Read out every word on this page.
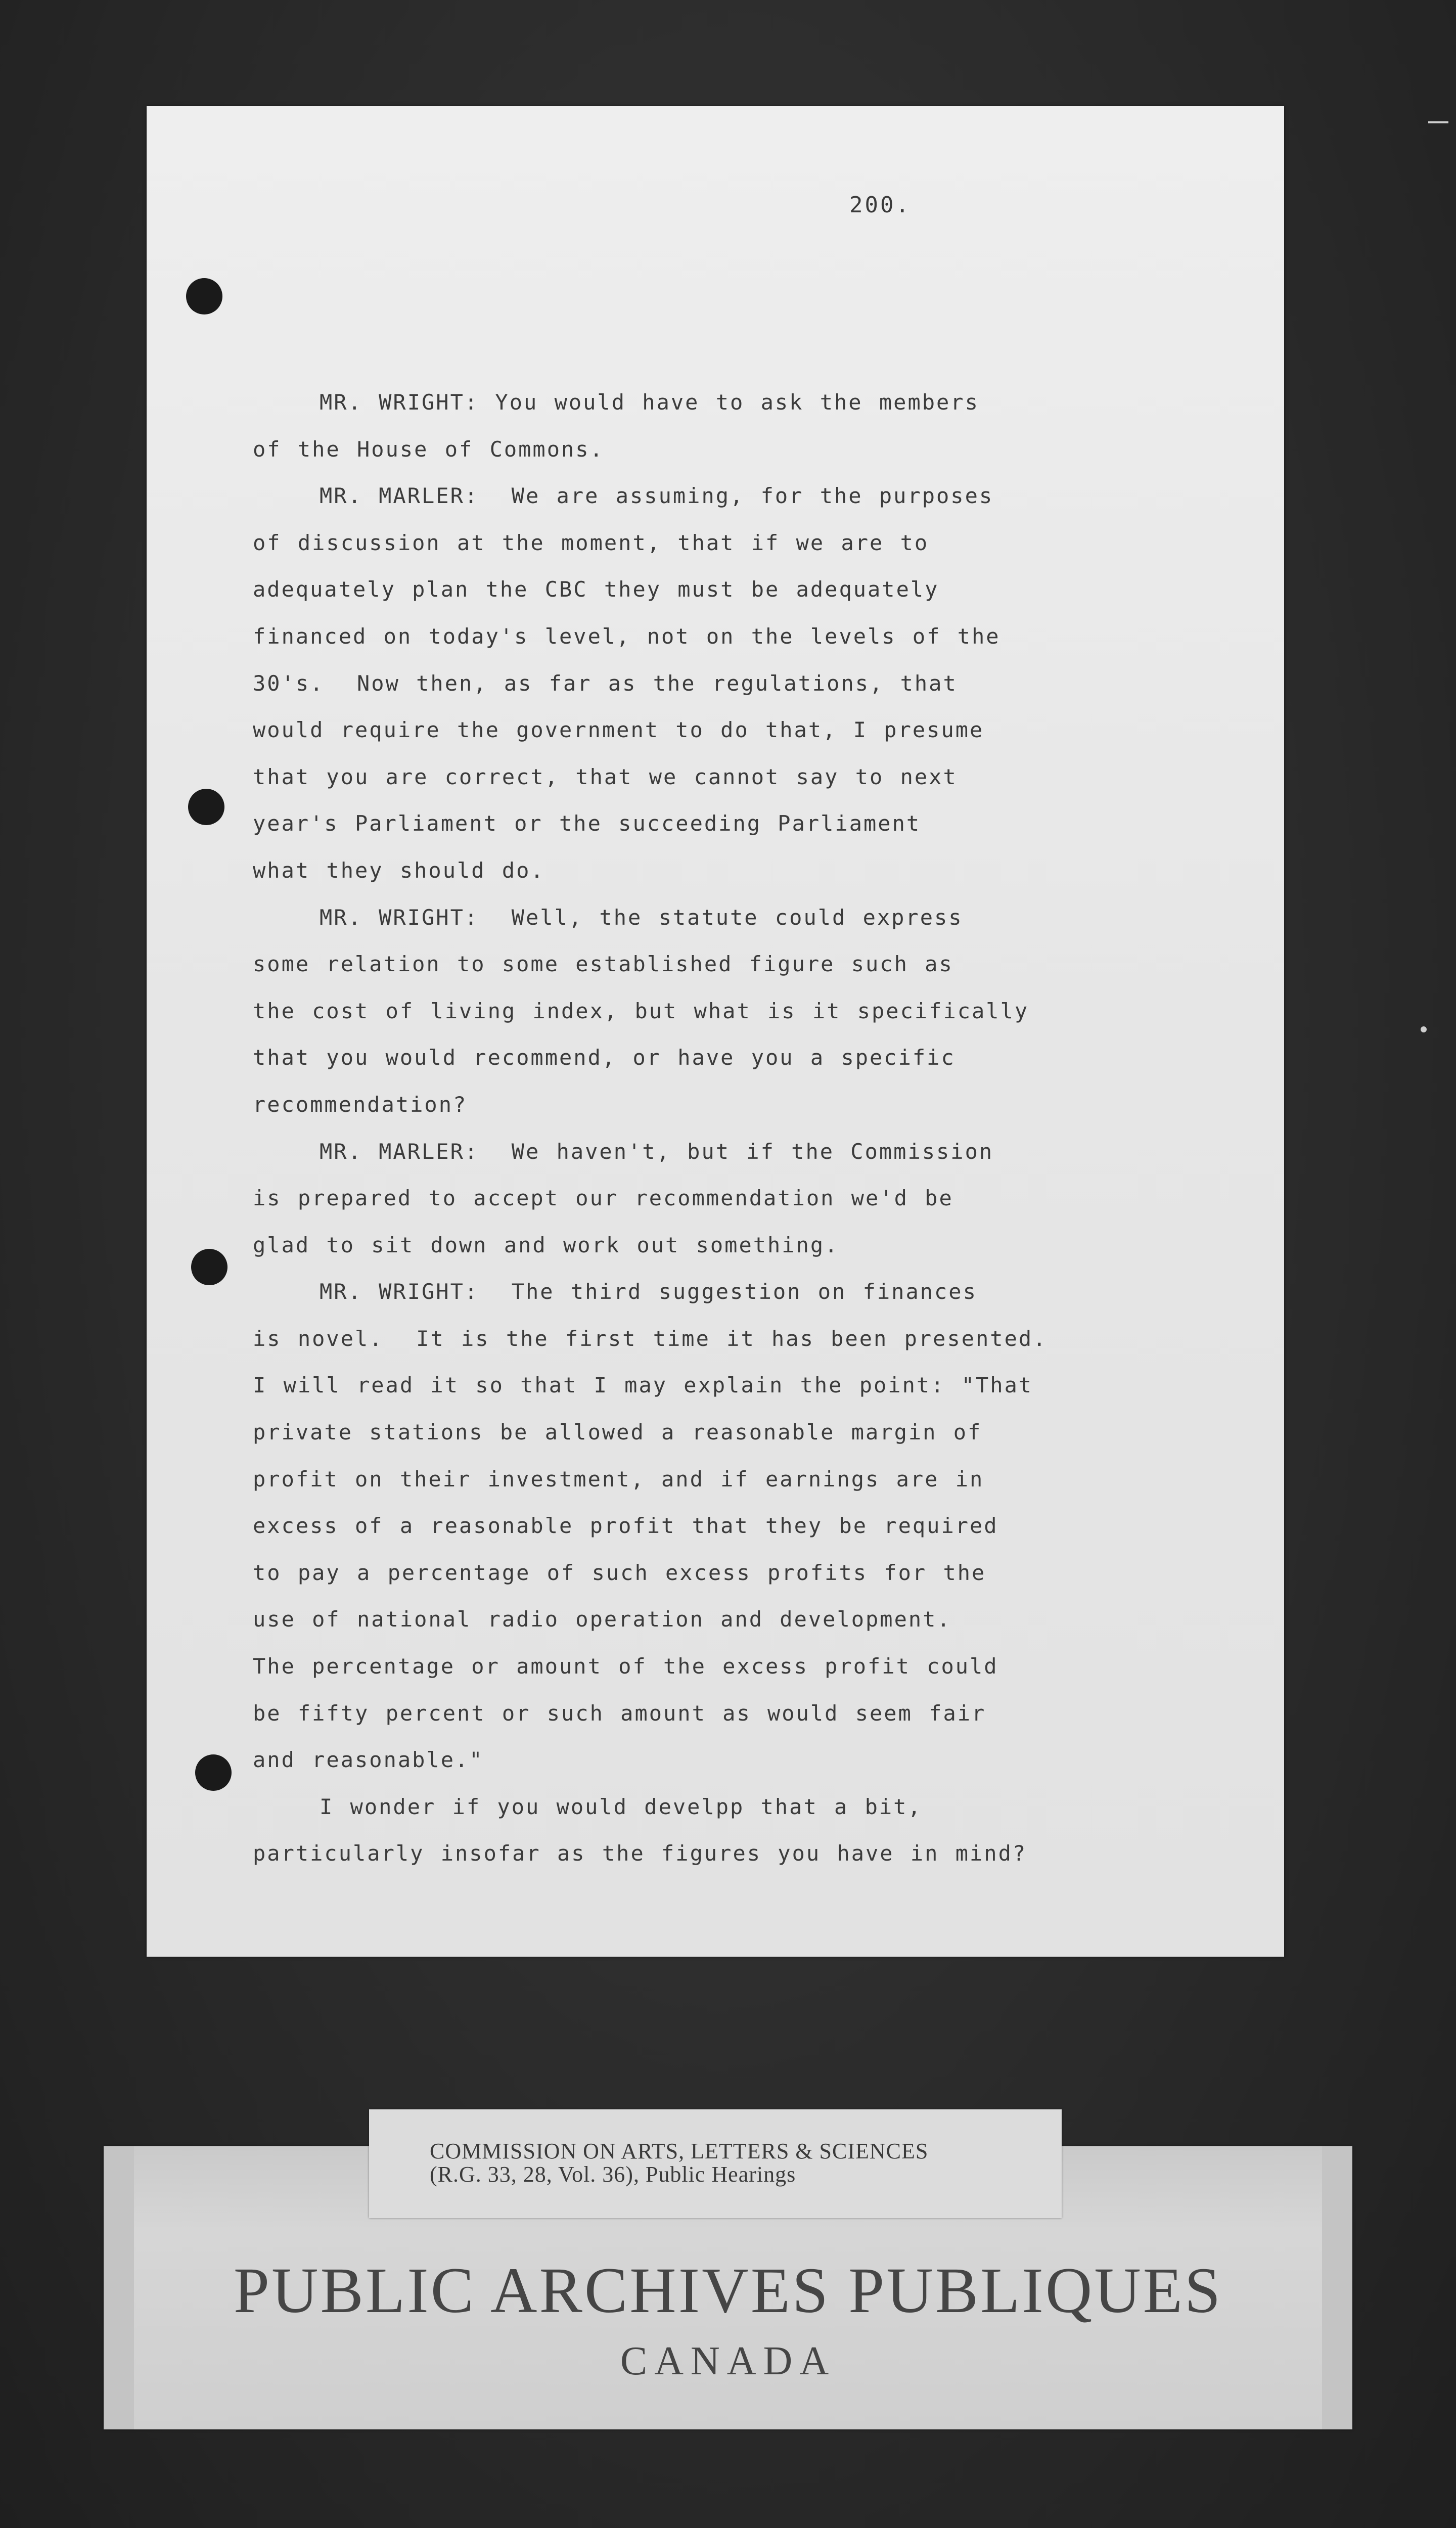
200.
MR. WRIGHT: You would have to ask the members
of the House of Commons.
MR. MARLER:  We are assuming, for the purposes
of discussion at the moment, that if we are to
adequately plan the CBC they must be adequately
financed on today's level, not on the levels of the
30's.  Now then, as far as the regulations, that
would require the government to do that, I presume
that you are correct, that we cannot say to next
year's Parliament or the succeeding Parliament
what they should do.
MR. WRIGHT:  Well, the statute could express
some relation to some established figure such as
the cost of living index, but what is it specifically
that you would recommend, or have you a specific
recommendation?
MR. MARLER:  We haven't, but if the Commission
is prepared to accept our recommendation we'd be
glad to sit down and work out something.
MR. WRIGHT:  The third suggestion on finances
is novel.  It is the first time it has been presented.
I will read it so that I may explain the point: "That
private stations be allowed a reasonable margin of
profit on their investment, and if earnings are in
excess of a reasonable profit that they be required
to pay a percentage of such excess profits for the
use of national radio operation and development.
The percentage or amount of the excess profit could
be fifty percent or such amount as would seem fair
and reasonable."
I wonder if you would develpp that a bit,
particularly insofar as the figures you have in mind?
PUBLIC ARCHIVES PUBLIQUES
CANADA
COMMISSION ON ARTS, LETTERS & SCIENCES
(R.G. 33, 28, Vol. 36), Public Hearings
